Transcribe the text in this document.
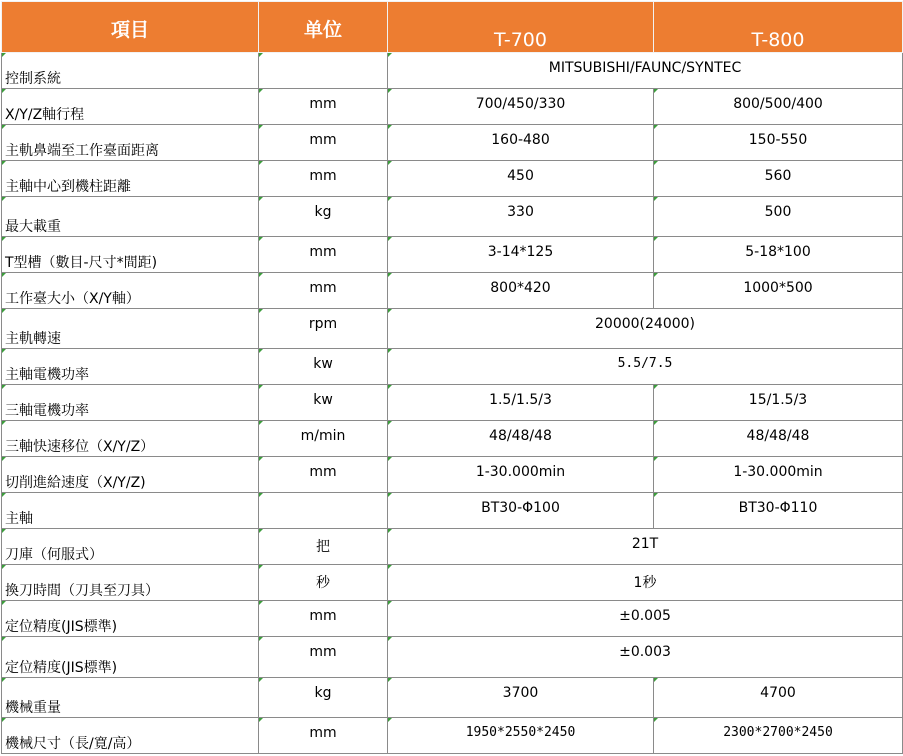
項目	单位	T-700	T-800

控制系統		MITSUBISHI/FAUNC/SYNTEC	

X/Y/Z軸行程	mm	700/450/330	800/500/400

主軌鼻端至工作臺面距离	mm	160-480	150-550

主軸中心到機柱距離	mm	450	560

最大載重	kg	330	500

T型槽（數目-尺寸*間距)	mm	3-14*125	5-18*100

工作臺大小（X/Y軸）	mm	800*420	1000*500

主軌轉速	rpm	20000(24000)	

主軸電機功率	kw	5.5/7.5	

三軸電機功率	kw	1.5/1.5/3	15/1.5/3

三軸快速移位（X/Y/Z）	m/min	48/48/48	48/48/48

切削進給速度（X/Y/Z)	mm	1-30.000min	1-30.000min

主軸		BT30-Φ100	BT30-Φ110

刀庫（何服式）	把	21T	

換刀時間（刀具至刀具）	秒	1秒	

定位精度(JIS標準)	mm	±0.005	

定位精度(JIS標準)	mm	±0.003	

機械重量	kg	3700	4700

機械尺寸（長/寛/高）	mm	1950*2550*2450	2300*2700*2450
